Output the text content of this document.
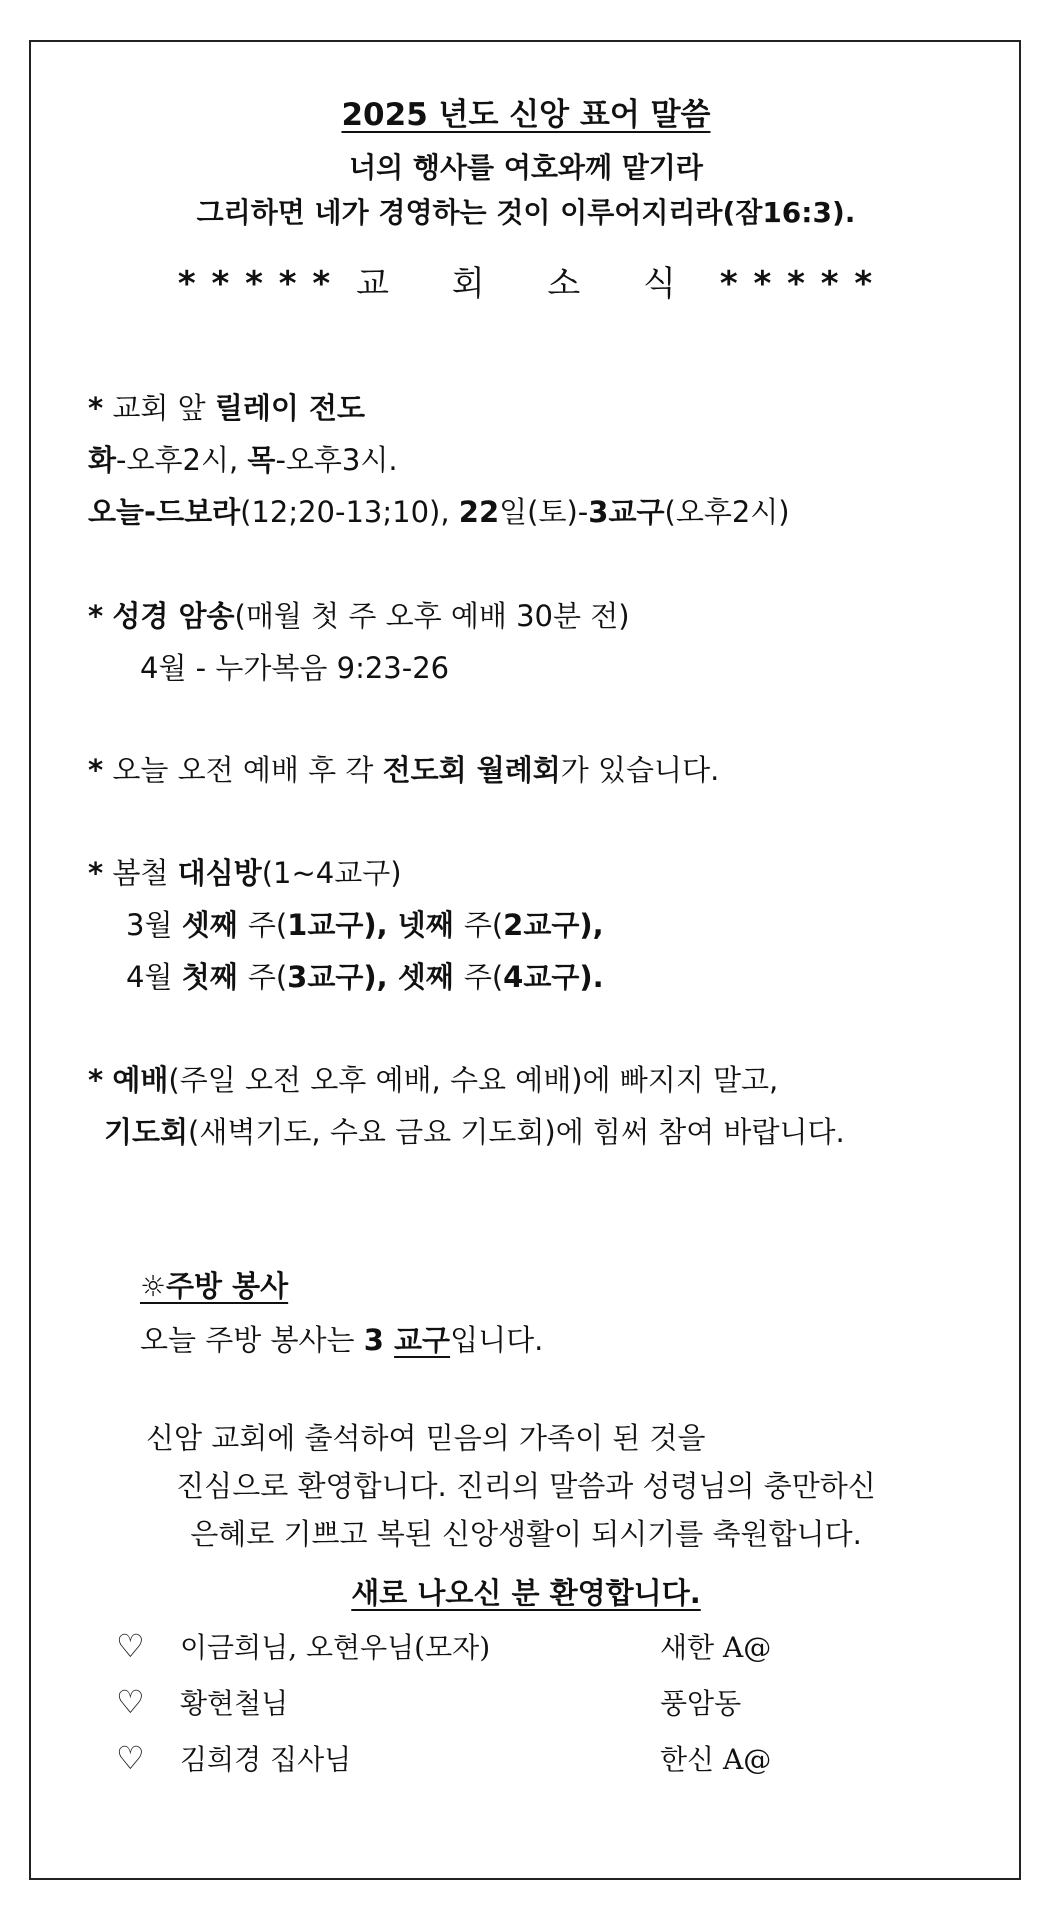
2025 년도 신앙 표어 말씀
너의 행사를 여호와께 맡기라
그리하면 네가 경영하는 것이 이루어지리라(잠16:3).
* * * * * 교 회 소 식 * * * * *
* 교회 앞 릴레이 전도
화-오후2시, 목-오후3시.
오늘-드보라(12;20-13;10), 22일(토)-3교구(오후2시)
* 성경 암송(매월 첫 주 오후 예배 30분 전)
4월 - 누가복음 9:23-26
* 오늘 오전 예배 후 각 전도회 월례회가 있습니다.
* 봄철 대심방(1~4교구)
3월 셋째 주(1교구), 넷째 주(2교구),
4월 첫째 주(3교구), 셋째 주(4교구).
* 예배(주일 오전 오후 예배, 수요 예배)에 빠지지 말고,
기도회(새벽기도, 수요 금요 기도회)에 힘써 참여 바랍니다.
☼주방 봉사
오늘 주방 봉사는 3 교구입니다.
신암 교회에 출석하여 믿음의 가족이 된 것을
진심으로 환영합니다. 진리의 말씀과 성령님의 충만하신
은혜로 기쁘고 복된 신앙생활이 되시기를 축원합니다.
새로 나오신 분 환영합니다.
♡ 이금희님, 오현우님(모자)	새한 A@
♡ 황현철님	풍암동
♡ 김희경 집사님	한신 A@
